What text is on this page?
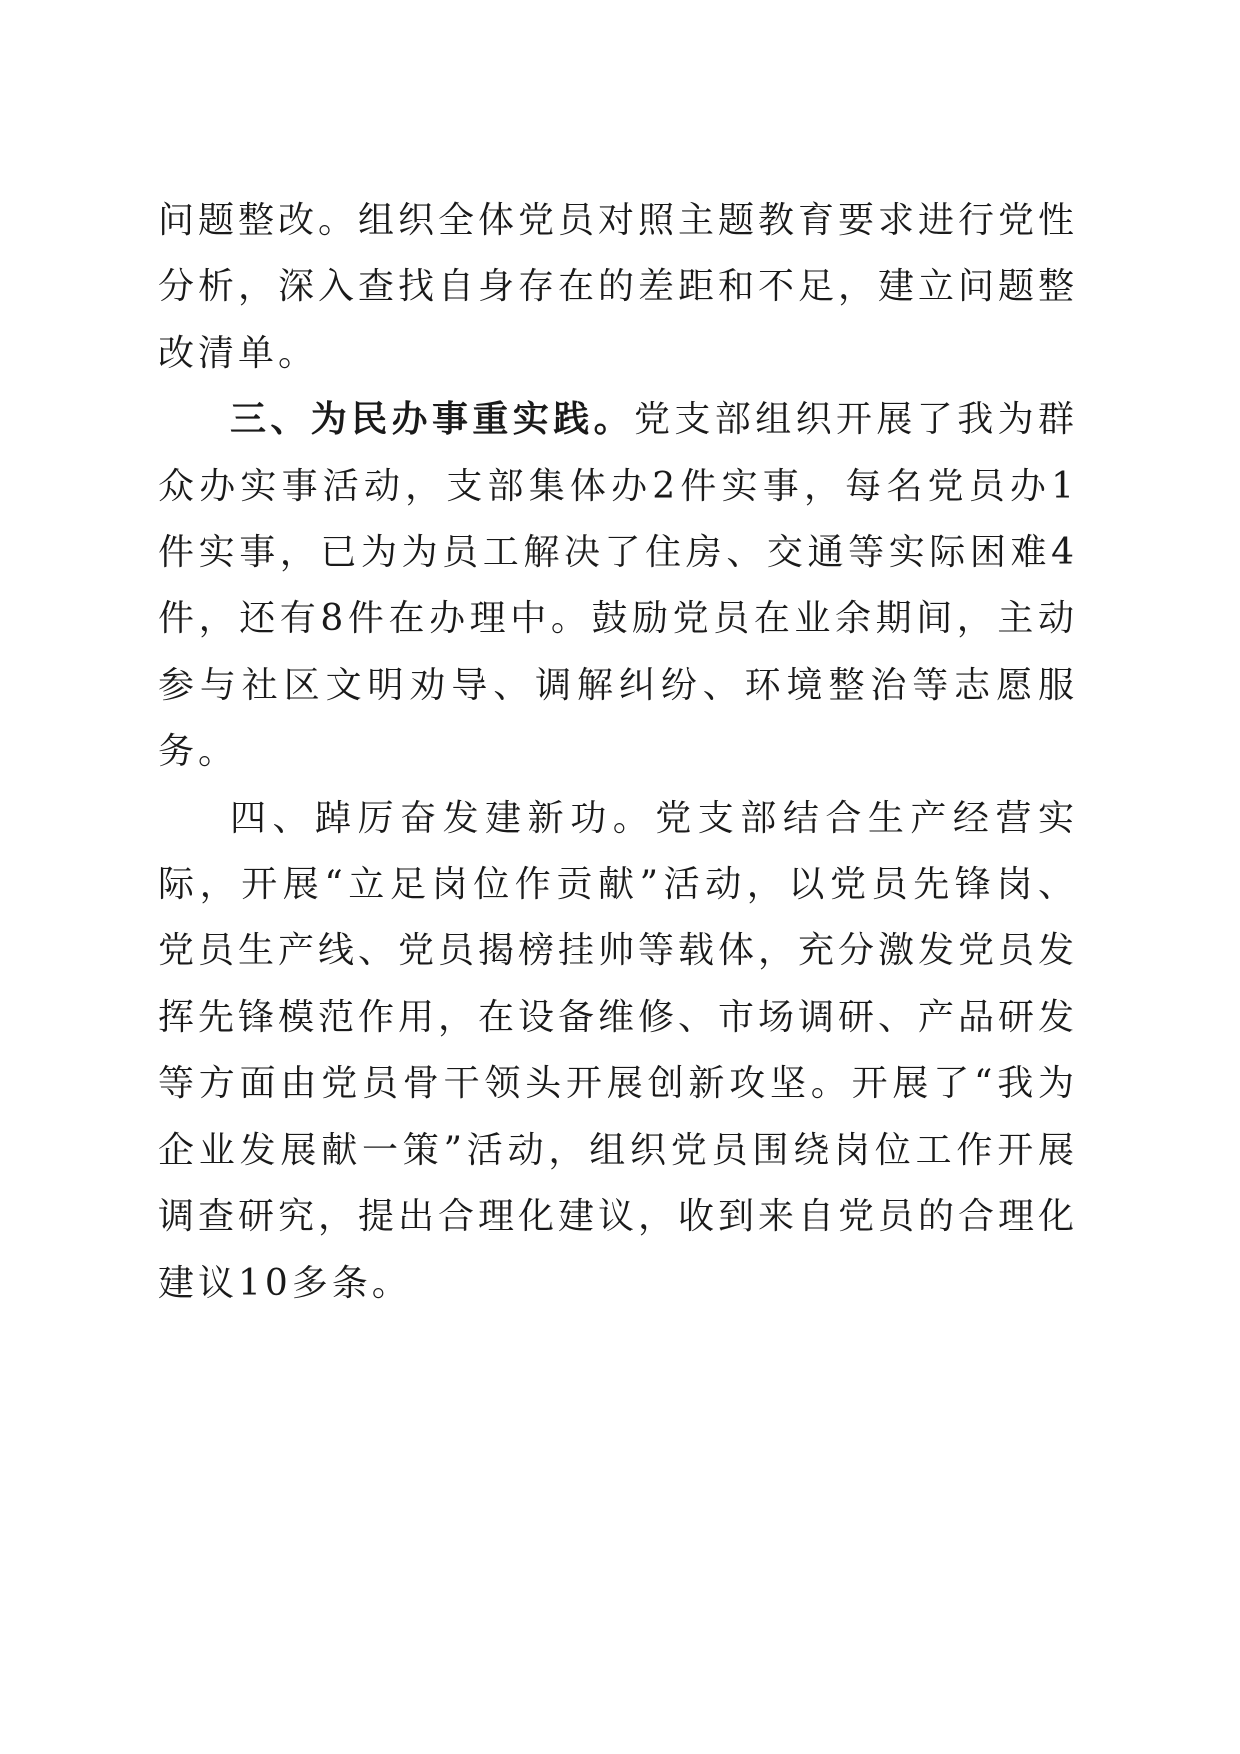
问题整改。组织全体党员对照主题教育要求进行党性分析，深入查找自身存在的差距和不足，建立问题整改清单。

三、为民办事重实践。党支部组织开展了我为群众办实事活动，支部集体办2件实事，每名党员办1件实事，已为为员工解决了住房、交通等实际困难4件，还有8件在办理中。鼓励党员在业余期间，主动参与社区文明劝导、调解纠纷、环境整治等志愿服务。

四、踔厉奋发建新功。党支部结合生产经营实际，开展“立足岗位作贡献”活动，以党员先锋岗、党员生产线、党员揭榜挂帅等载体，充分激发党员发挥先锋模范作用，在设备维修、市场调研、产品研发等方面由党员骨干领头开展创新攻坚。开展了“我为企业发展献一策”活动，组织党员围绕岗位工作开展调查研究，提出合理化建议，收到来自党员的合理化建议10多条。
